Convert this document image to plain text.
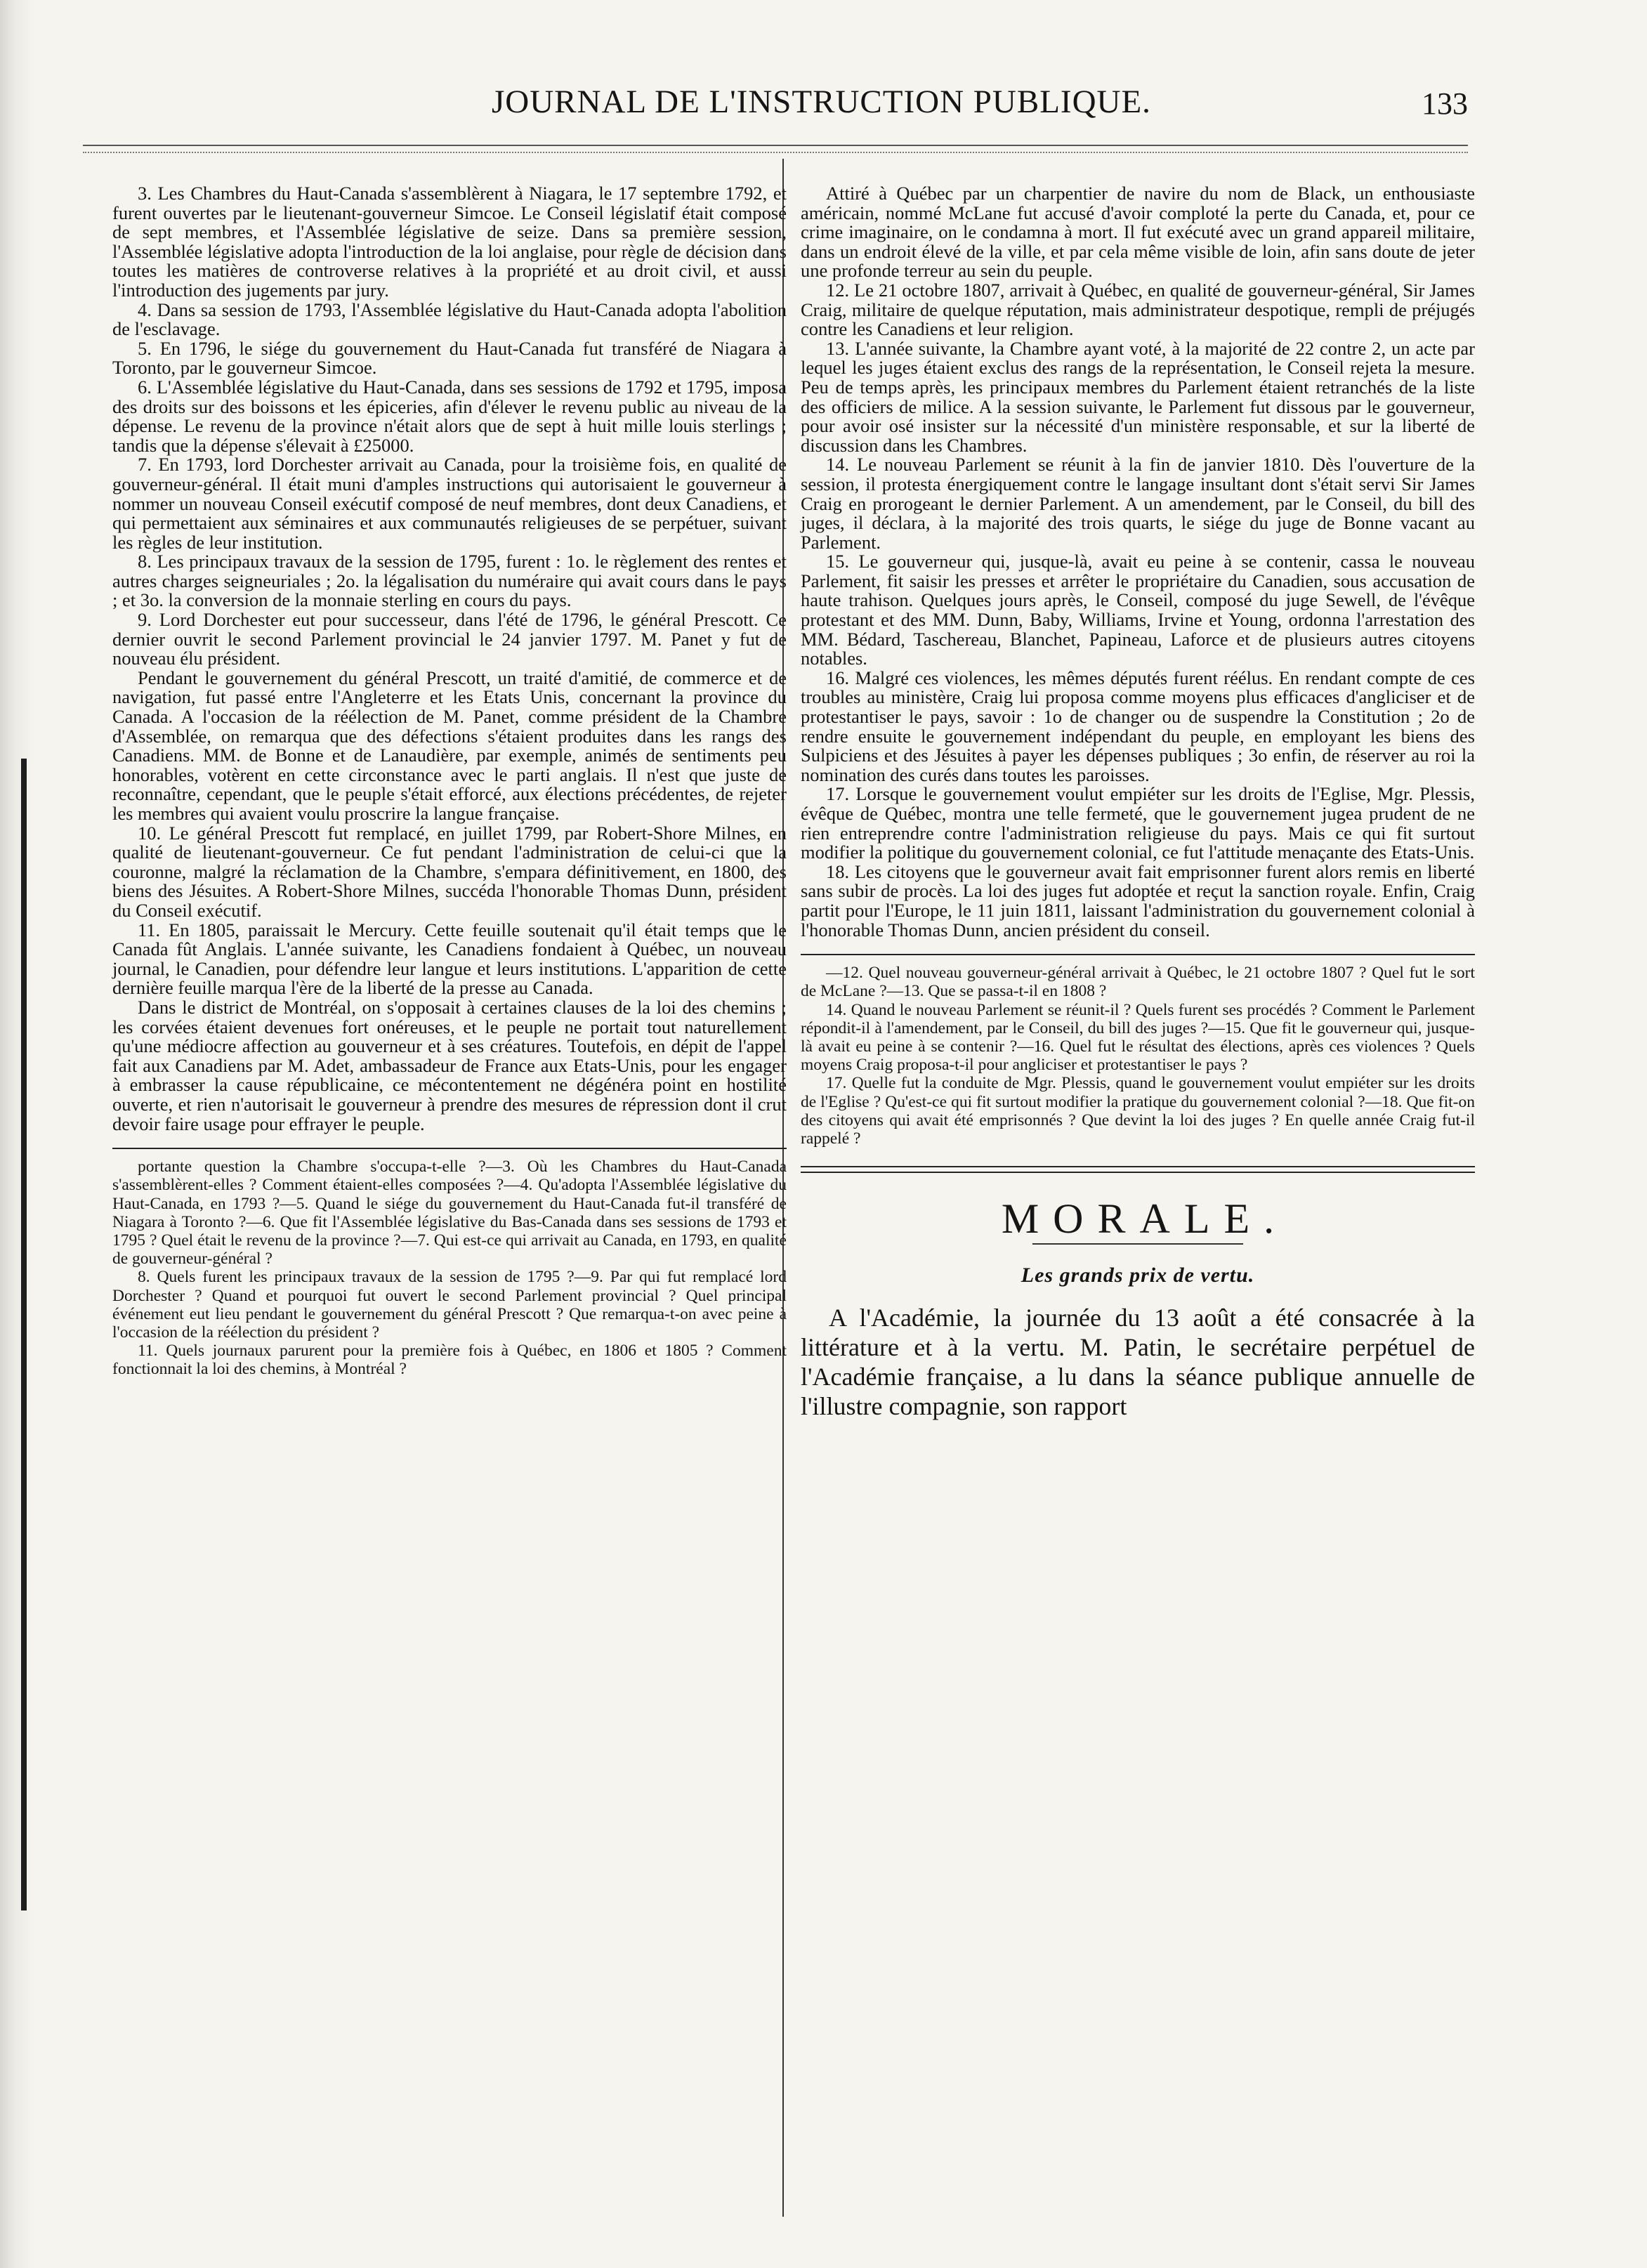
JOURNAL DE L'INSTRUCTION PUBLIQUE.	133

3. Les Chambres du Haut-Canada s'assemblèrent à Niagara, le 17 septembre 1792, et furent ouvertes par le lieutenant-gouverneur Simcoe. Le Conseil législatif était composé de sept membres, et l'Assemblée législative de seize. Dans sa première session, l'Assemblée législative adopta l'introduction de la loi anglaise, pour règle de décision dans toutes les matières de controverse relatives à la propriété et au droit civil, et aussi l'introduction des jugements par jury.

4. Dans sa session de 1793, l'Assemblée législative du Haut-Canada adopta l'abolition de l'esclavage.

5. En 1796, le siége du gouvernement du Haut-Canada fut transféré de Niagara à Toronto, par le gouverneur Simcoe.

6. L'Assemblée législative du Haut-Canada, dans ses sessions de 1792 et 1795, imposa des droits sur des boissons et les épiceries, afin d'élever le revenu public au niveau de la dépense. Le revenu de la province n'était alors que de sept à huit mille louis sterlings ; tandis que la dépense s'élevait à £25000.

7. En 1793, lord Dorchester arrivait au Canada, pour la troisième fois, en qualité de gouverneur-général. Il était muni d'amples instructions qui autorisaient le gouverneur à nommer un nouveau Conseil exécutif composé de neuf membres, dont deux Canadiens, et qui permettaient aux séminaires et aux communautés religieuses de se perpétuer, suivant les règles de leur institution.

8. Les principaux travaux de la session de 1795, furent : 1o. le règlement des rentes et autres charges seigneuriales ; 2o. la légalisation du numéraire qui avait cours dans le pays ; et 3o. la conversion de la monnaie sterling en cours du pays.

9. Lord Dorchester eut pour successeur, dans l'été de 1796, le général Prescott. Ce dernier ouvrit le second Parlement provincial le 24 janvier 1797. M. Panet y fut de nouveau élu président.

Pendant le gouvernement du général Prescott, un traité d'amitié, de commerce et de navigation, fut passé entre l'Angleterre et les Etats Unis, concernant la province du Canada. A l'occasion de la réélection de M. Panet, comme président de la Chambre d'Assemblée, on remarqua que des défections s'étaient produites dans les rangs des Canadiens. MM. de Bonne et de Lanaudière, par exemple, animés de sentiments peu honorables, votèrent en cette circonstance avec le parti anglais. Il n'est que juste de reconnaître, cependant, que le peuple s'était efforcé, aux élections précédentes, de rejeter les membres qui avaient voulu proscrire la langue française.

10. Le général Prescott fut remplacé, en juillet 1799, par Robert-Shore Milnes, en qualité de lieutenant-gouverneur. Ce fut pendant l'administration de celui-ci que la couronne, malgré la réclamation de la Chambre, s'empara définitivement, en 1800, des biens des Jésuites. A Robert-Shore Milnes, succéda l'honorable Thomas Dunn, président du Conseil exécutif.

11. En 1805, paraissait le Mercury. Cette feuille soutenait qu'il était temps que le Canada fût Anglais. L'année suivante, les Canadiens fondaient à Québec, un nouveau journal, le Canadien, pour défendre leur langue et leurs institutions. L'apparition de cette dernière feuille marqua l'ère de la liberté de la presse au Canada.

Dans le district de Montréal, on s'opposait à certaines clauses de la loi des chemins ; les corvées étaient devenues fort onéreuses, et le peuple ne portait tout naturellement qu'une médiocre affection au gouverneur et à ses créatures. Toutefois, en dépit de l'appel fait aux Canadiens par M. Adet, ambassadeur de France aux Etats-Unis, pour les engager à embrasser la cause républicaine, ce mécontentement ne dégénéra point en hostilité ouverte, et rien n'autorisait le gouverneur à prendre des mesures de répression dont il crut devoir faire usage pour effrayer le peuple.

portante question la Chambre s'occupa-t-elle ?—3. Où les Chambres du Haut-Canada s'assemblèrent-elles ? Comment étaient-elles composées ?—4. Qu'adopta l'Assemblée législative du Haut-Canada, en 1793 ?—5. Quand le siége du gouvernement du Haut-Canada fut-il transféré de Niagara à Toronto ?—6. Que fit l'Assemblée législative du Bas-Canada dans ses sessions de 1793 et 1795 ? Quel était le revenu de la province ?—7. Qui est-ce qui arrivait au Canada, en 1793, en qualité de gouverneur-général ?

8. Quels furent les principaux travaux de la session de 1795 ?—9. Par qui fut remplacé lord Dorchester ? Quand et pourquoi fut ouvert le second Parlement provincial ? Quel principal événement eut lieu pendant le gouvernement du général Prescott ? Que remarqua-t-on avec peine à l'occasion de la réélection du président ?

11. Quels journaux parurent pour la première fois à Québec, en 1806 et 1805 ? Comment fonctionnait la loi des chemins, à Montréal ?

Attiré à Québec par un charpentier de navire du nom de Black, un enthousiaste américain, nommé McLane fut accusé d'avoir comploté la perte du Canada, et, pour ce crime imaginaire, on le condamna à mort. Il fut exécuté avec un grand appareil militaire, dans un endroit élevé de la ville, et par cela même visible de loin, afin sans doute de jeter une profonde terreur au sein du peuple.

12. Le 21 octobre 1807, arrivait à Québec, en qualité de gouverneur-général, Sir James Craig, militaire de quelque réputation, mais administrateur despotique, rempli de préjugés contre les Canadiens et leur religion.

13. L'année suivante, la Chambre ayant voté, à la majorité de 22 contre 2, un acte par lequel les juges étaient exclus des rangs de la représentation, le Conseil rejeta la mesure. Peu de temps après, les principaux membres du Parlement étaient retranchés de la liste des officiers de milice. A la session suivante, le Parlement fut dissous par le gouverneur, pour avoir osé insister sur la nécessité d'un ministère responsable, et sur la liberté de discussion dans les Chambres.

14. Le nouveau Parlement se réunit à la fin de janvier 1810. Dès l'ouverture de la session, il protesta énergiquement contre le langage insultant dont s'était servi Sir James Craig en prorogeant le dernier Parlement. A un amendement, par le Conseil, du bill des juges, il déclara, à la majorité des trois quarts, le siége du juge de Bonne vacant au Parlement.

15. Le gouverneur qui, jusque-là, avait eu peine à se contenir, cassa le nouveau Parlement, fit saisir les presses et arrêter le propriétaire du Canadien, sous accusation de haute trahison. Quelques jours après, le Conseil, composé du juge Sewell, de l'évêque protestant et des MM. Dunn, Baby, Williams, Irvine et Young, ordonna l'arrestation des MM. Bédard, Taschereau, Blanchet, Papineau, Laforce et de plusieurs autres citoyens notables.

16. Malgré ces violences, les mêmes députés furent réélus. En rendant compte de ces troubles au ministère, Craig lui proposa comme moyens plus efficaces d'angliciser et de protestantiser le pays, savoir : 1o de changer ou de suspendre la Constitution ; 2o de rendre ensuite le gouvernement indépendant du peuple, en employant les biens des Sulpiciens et des Jésuites à payer les dépenses publiques ; 3o enfin, de réserver au roi la nomination des curés dans toutes les paroisses.

17. Lorsque le gouvernement voulut empiéter sur les droits de l'Eglise, Mgr. Plessis, évêque de Québec, montra une telle fermeté, que le gouvernement jugea prudent de ne rien entreprendre contre l'administration religieuse du pays. Mais ce qui fit surtout modifier la politique du gouvernement colonial, ce fut l'attitude menaçante des Etats-Unis.

18. Les citoyens que le gouverneur avait fait emprisonner furent alors remis en liberté sans subir de procès. La loi des juges fut adoptée et reçut la sanction royale. Enfin, Craig partit pour l'Europe, le 11 juin 1811, laissant l'administration du gouvernement colonial à l'honorable Thomas Dunn, ancien président du conseil.

—12. Quel nouveau gouverneur-général arrivait à Québec, le 21 octobre 1807 ? Quel fut le sort de McLane ?—13. Que se passa-t-il en 1808 ?

14. Quand le nouveau Parlement se réunit-il ? Quels furent ses procédés ? Comment le Parlement répondit-il à l'amendement, par le Conseil, du bill des juges ?—15. Que fit le gouverneur qui, jusque-là avait eu peine à se contenir ?—16. Quel fut le résultat des élections, après ces violences ? Quels moyens Craig proposa-t-il pour angliciser et protestantiser le pays ?

17. Quelle fut la conduite de Mgr. Plessis, quand le gouvernement voulut empiéter sur les droits de l'Eglise ? Qu'est-ce qui fit surtout modifier la pratique du gouvernement colonial ?—18. Que fit-on des citoyens qui avait été emprisonnés ? Que devint la loi des juges ? En quelle année Craig fut-il rappelé ?

MORALE.
Les grands prix de vertu.

A l'Académie, la journée du 13 août a été consacrée à la littérature et à la vertu. M. Patin, le secrétaire perpétuel de l'Académie française, a lu dans la séance publique annuelle de l'illustre compagnie, son rapport
